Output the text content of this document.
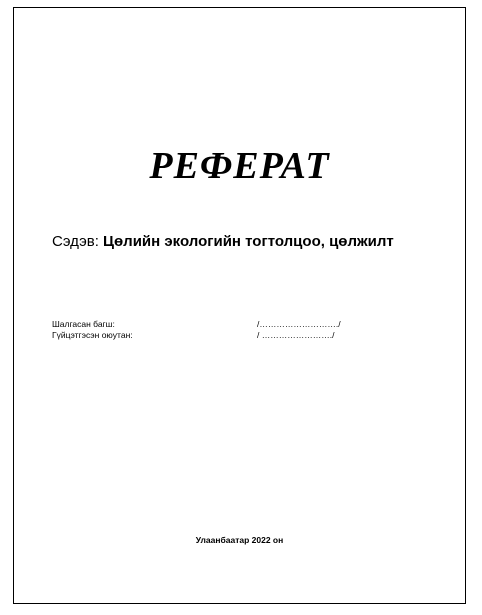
РЕФЕРАТ
Сэдэв: Цөлийн экологийн тогтолцоо, цөлжилт
Шалгасан багш:	/………………………./
Гүйцэтгэсэн оюутан:	/ ……………………./
Улаанбаатар 2022 он
